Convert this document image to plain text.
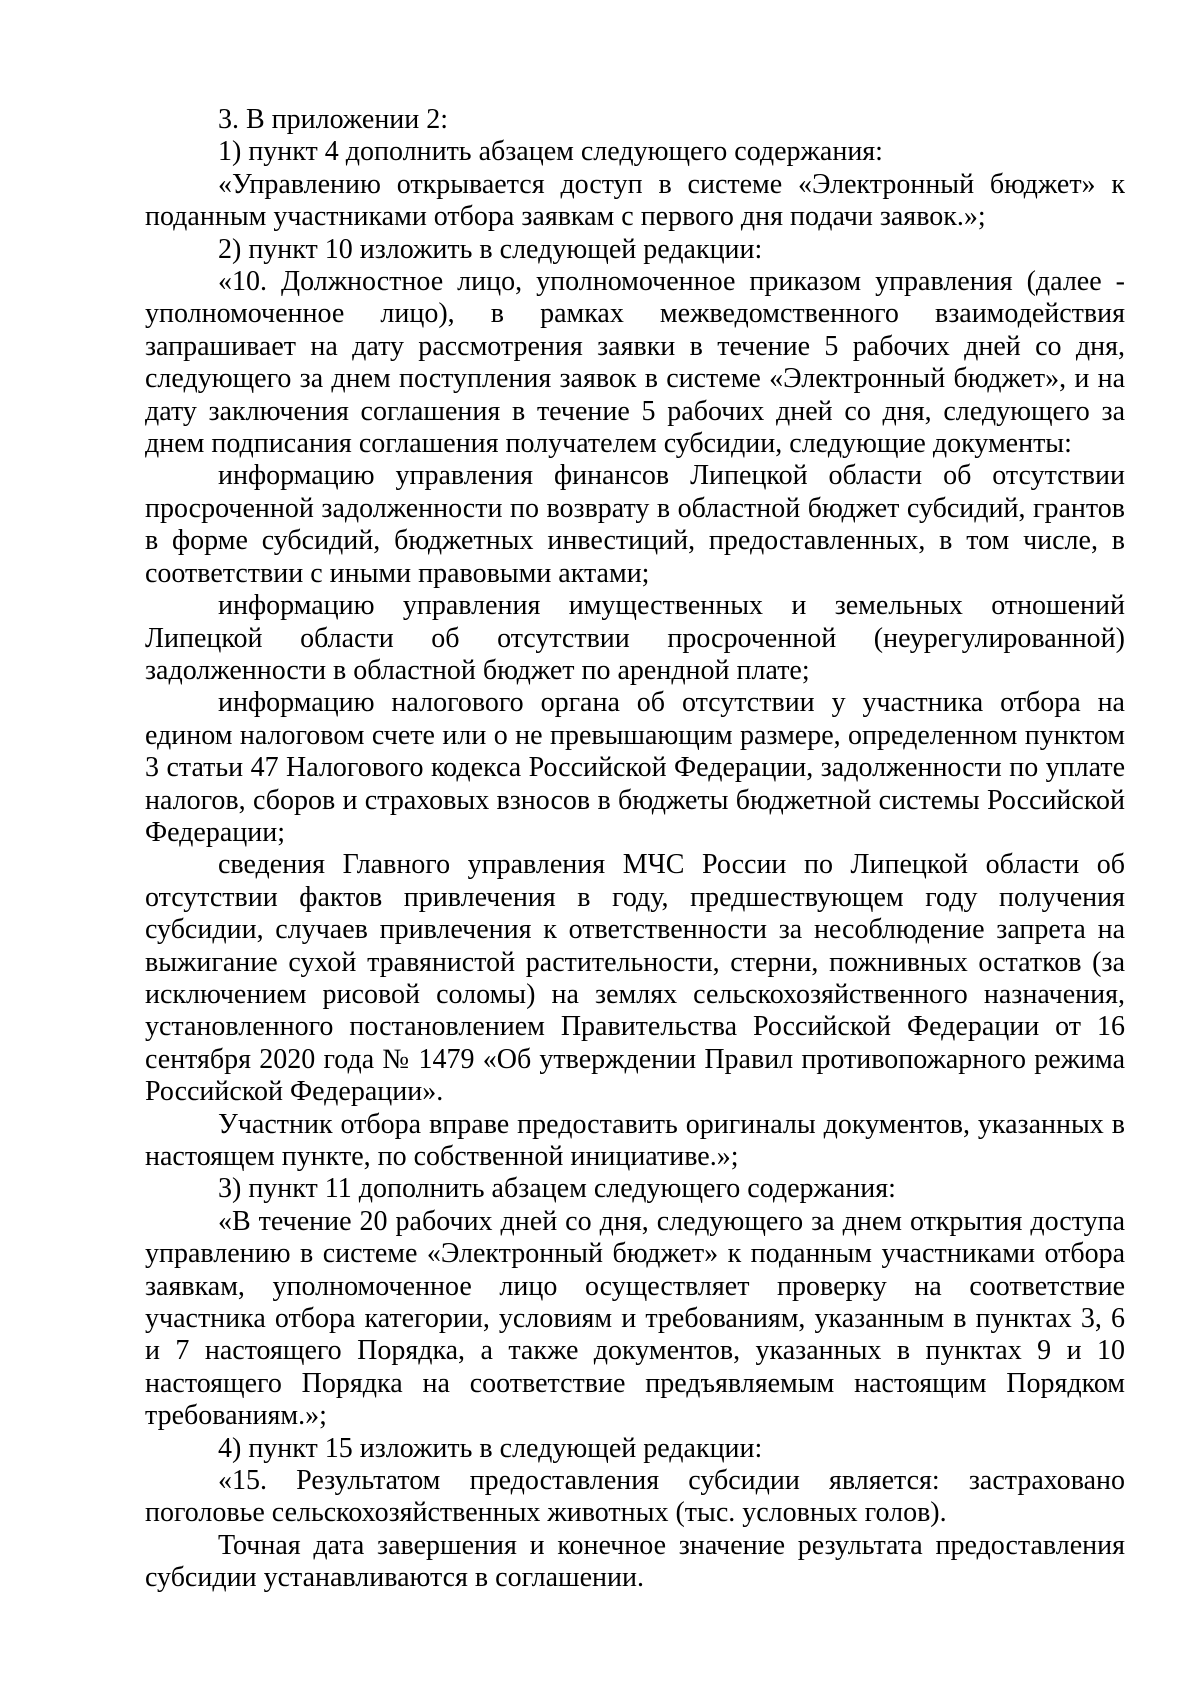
3. В приложении 2:

1) пункт 4 дополнить абзацем следующего содержания:

«Управлению открывается доступ в системе «Электронный бюджет» к поданным участниками отбора заявкам с первого дня подачи заявок.»;

2) пункт 10 изложить в следующей редакции:

«10. Должностное лицо, уполномоченное приказом управления (далее - уполномоченное лицо), в рамках межведомственного взаимодействия запрашивает на дату рассмотрения заявки в течение 5 рабочих дней со дня, следующего за днем поступления заявок в системе «Электронный бюджет», и на дату заключения соглашения в течение 5 рабочих дней со дня, следующего за днем подписания соглашения получателем субсидии, следующие документы:

информацию управления финансов Липецкой области об отсутствии просроченной задолженности по возврату в областной бюджет субсидий, грантов в форме субсидий, бюджетных инвестиций, предоставленных, в том числе, в соответствии с иными правовыми актами;

информацию управления имущественных и земельных отношений Липецкой области об отсутствии просроченной (неурегулированной) задолженности в областной бюджет по арендной плате;

информацию налогового органа об отсутствии у участника отбора на едином налоговом счете или о не превышающим размере, определенном пунктом 3 статьи 47 Налогового кодекса Российской Федерации, задолженности по уплате налогов, сборов и страховых взносов в бюджеты бюджетной системы Российской Федерации;

сведения Главного управления МЧС России по Липецкой области об отсутствии фактов привлечения в году, предшествующем году получения субсидии, случаев привлечения к ответственности за несоблюдение запрета на выжигание сухой травянистой растительности, стерни, пожнивных остатков (за исключением рисовой соломы) на землях сельскохозяйственного назначения, установленного постановлением Правительства Российской Федерации от 16 сентября 2020 года № 1479 «Об утверждении Правил противопожарного режима Российской Федерации».

Участник отбора вправе предоставить оригиналы документов, указанных в настоящем пункте, по собственной инициативе.»;

3) пункт 11 дополнить абзацем следующего содержания:

«В течение 20 рабочих дней со дня, следующего за днем открытия доступа управлению в системе «Электронный бюджет» к поданным участниками отбора заявкам, уполномоченное лицо осуществляет проверку на соответствие участника отбора категории, условиям и требованиям, указанным в пунктах 3, 6 и 7 настоящего Порядка, а также документов, указанных в пунктах 9 и 10 настоящего Порядка на соответствие предъявляемым настоящим Порядком требованиям.»;

4) пункт 15 изложить в следующей редакции:

«15. Результатом предоставления субсидии является: застраховано поголовье сельскохозяйственных животных (тыс. условных голов).

Точная дата завершения и конечное значение результата предоставления субсидии устанавливаются в соглашении.
